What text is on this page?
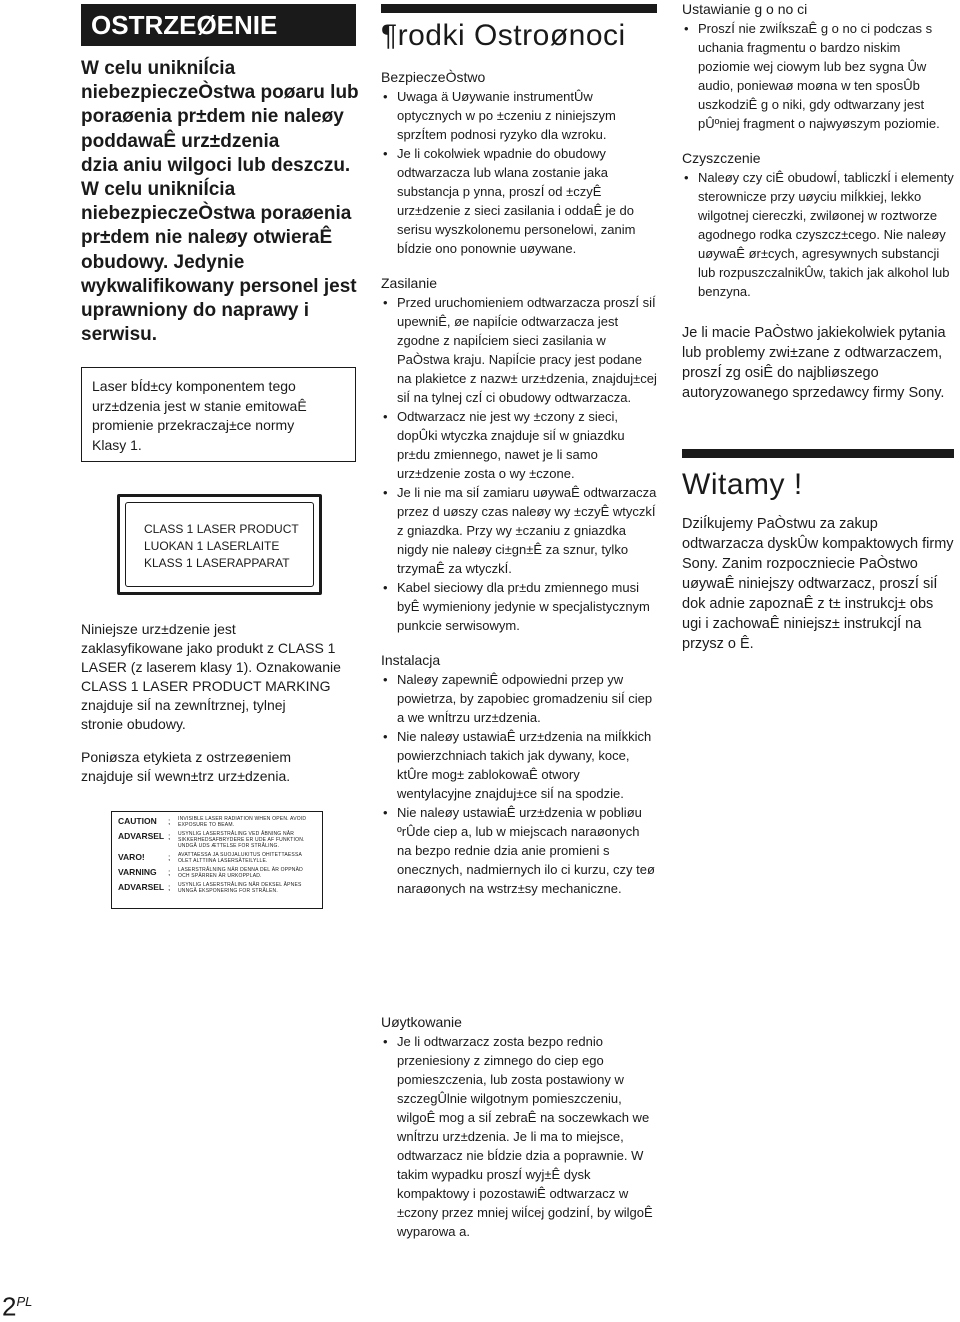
OSTRZEØENIE
W celu unikniÍcia
niebezpieczeÒstwa poøaru lub
poraøenia pr±dem nie naleøy
poddawaÊ urz±dzenia
dzia aniu wilgoci lub deszczu.
W celu unikniÍcia
niebezpieczeÒstwa poraøenia
pr±dem nie naleøy otwieraÊ
obudowy. Jedynie
wykwalifikowany personel jest
uprawniony do naprawy i
serwisu.
Laser bÍd±cy komponentem tego
urz±dzenia jest w stanie emitowaÊ
promienie przekraczaj±ce normy
Klasy 1.
CLASS 1 LASER PRODUCT
LUOKAN 1 LASERLAITE
KLASS 1 LASERAPPARAT
Niniejsze urz±dzenie jest
zaklasyfikowane jako produkt z CLASS 1
LASER (z laserem klasy 1). Oznakowanie
CLASS 1 LASER PRODUCT MARKING
znajduje siÍ na zewnÍtrznej, tylnej
stronie obudowy.
Poniøsza etykieta z ostrzeøeniem
znajduje siÍ wewn±trz urz±dzenia.
CAUTION	;	INVISIBLE LASER RADIATION WHEN OPEN. AVOID EXPOSURE TO BEAM.
ADVARSEL ;	USYNLIG LASERSTRÅLING VED ÅBNING NÅR SIKKERHEDSAFBRYDERE ER UDE AF FUNKTION. UNDGÅ UDS ÆTTELSE FOR STRÅLING.
VARO!	;	AVATTAESSA JA SUOJALUKITUS OHITETTAESSA OLET ALTTIINA LASERSÄTEILYLLE.
VARNING	;	LASERSTRÅLNING NÄR DENNA DEL ÄR OPPNÄD OCH SPÄRREN ÄR URKOPPLAD.
ADVARSEL ;	USYNLIG LASERSTRÅLING NÅR DEKSEL ÅPNES UNNGÅ EKSPONERING FOR STRÅLEN.
¶rodki Ostroønoci
BezpieczeÒstwo
• Uwaga ä Uøywanie instrumentÛw optycznych w po ±czeniu z niniejszym sprzÍtem podnosi ryzyko dla wzroku.
• Je li cokolwiek wpadnie do obudowy odtwarzacza lub wlana zostanie jaka substancja p ynna, proszÍ od ±czyÊ urz±dzenie z sieci zasilania i oddaÊ je do serisu wyszkolonemu personelowi, zanim bÍdzie ono ponownie uøywane.
Zasilanie
• Przed uruchomieniem odtwarzacza proszÍ siÍ upewniÊ, øe napiÍcie odtwarzacza jest zgodne z napiÍciem sieci zasilania w PaÒstwa kraju. NapiÍcie pracy jest podane na plakietce z nazw± urz±dzenia, znajduj±cej siÍ na tylnej czÍ ci obudowy odtwarzacza.
• Odtwarzacz nie jest wy ±czony z sieci, dopÛki wtyczka znajduje siÍ w gniazdku pr±du zmiennego, nawet je li samo urz±dzenie zosta o wy ±czone.
• Je li nie ma siÍ zamiaru uøywaÊ odtwarzacza przez d uøszy czas naleøy wy ±czyÊ wtyczkÍ z gniazdka. Przy wy ±czaniu z gniazdka nigdy nie naleøy ci±gn±Ê za sznur, tylko trzymaÊ za wtyczkÍ.
• Kabel sieciowy dla pr±du zmiennego musi byÊ wymieniony jedynie w specjalistycznym punkcie serwisowym.
Instalacja
• Naleøy zapewniÊ odpowiedni przep yw powietrza, by zapobiec gromadzeniu siÍ ciep a we wnÍtrzu urz±dzenia.
• Nie naleøy ustawiaÊ urz±dzenia na miÍkkich powierzchniach takich jak dywany, koce, ktÛre mog± zablokowaÊ otwory wentylacyjne znajduj±ce siÍ na spodzie.
• Nie naleøy ustawiaÊ urz±dzenia w pobliøu ºrÛde ciep a, lub w miejscach naraøonych na bezpo rednie dzia anie promieni s onecznych, nadmiernych ilo ci kurzu, czy teø naraøonych na wstrz±sy mechaniczne.
Uøytkowanie
• Je li odtwarzacz zosta bezpo rednio przeniesiony z zimnego do ciep ego pomieszczenia, lub zosta postawiony w szczegÛlnie wilgotnym pomieszczeniu, wilgoÊ mog a siÍ zebraÊ na soczewkach we wnÍtrzu urz±dzenia. Je li ma to miejsce, odtwarzacz nie bÍdzie dzia a poprawnie. W takim wypadku proszÍ wyj±Ê dysk kompaktowy i pozostawiÊ odtwarzacz w ±czony przez mniej wiÍcej godzinÍ, by wilgoÊ wyparowa a.
Ustawianie g o no ci
• ProszÍ nie zwiÍkszaÊ g o no ci podczas s uchania fragmentu o bardzo niskim poziomie wej ciowym lub bez sygna Ûw audio, poniewaø moøna w ten sposÛb uszkodziÊ g o niki, gdy odtwarzany jest pÛºniej fragment o najwyøszym poziomie.
Czyszczenie
• Naleøy czy ciÊ obudowÍ, tabliczkÍ i elementy sterownicze przy uøyciu miÍkkiej, lekko wilgotnej ciereczki, zwiløonej w roztworze agodnego rodka czyszcz±cego. Nie naleøy uøywaÊ ør±cych, agresywnych substancji lub rozpuszczalnikÛw, takich jak alkohol lub benzyna.
Je li macie PaÒstwo jakiekolwiek pytania lub problemy zwi±zane z odtwarzaczem, proszÍ zg osiÊ do najbliøszego autoryzowanego sprzedawcy firmy Sony.
Witamy !
DziÍkujemy PaÒstwu za zakup odtwarzacza dyskÛw kompaktowych firmy Sony. Zanim rozpoczniecie PaÒstwo uøywaÊ niniejszy odtwarzacz, proszÍ siÍ dok adnie zapoznaÊ z t± instrukcj± obs ugi i zachowaÊ niniejsz± instrukcjÍ na przysz o Ê.
$2^{PL}$
